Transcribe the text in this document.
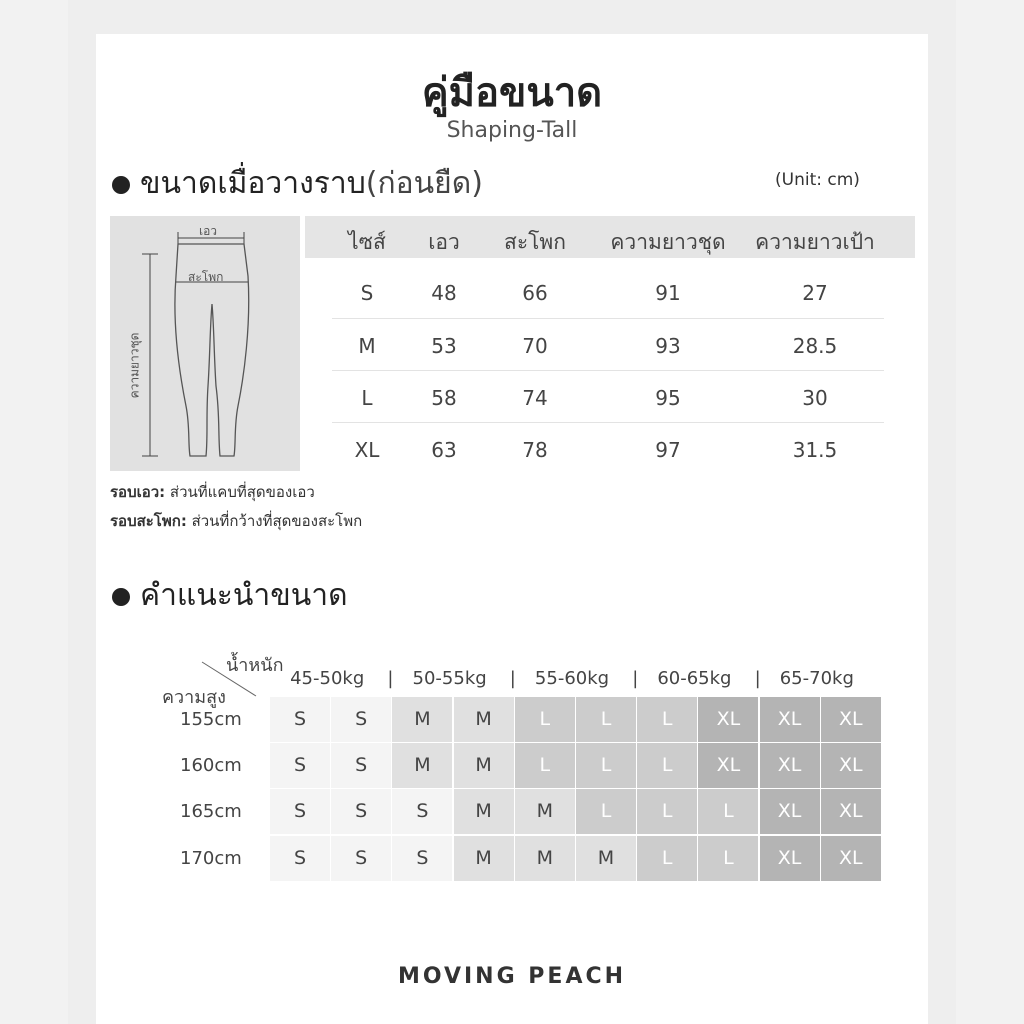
คู่มือขนาด
Shaping-Tall
ขนาดเมื่อวางราบ(ก่อนยืด)	(Unit: cm)
เอว
สะโพก
ความยาวชุด
ไซส์ เอว สะโพก ความยาวชุด ความยาวเป้า
S	48	66	91	27
M	53	70	93	28.5
L	58	74	95	30
XL	63	78	97	31.5
รอบเอว: ส่วนที่แคบที่สุดของเอว
รอบสะโพก: ส่วนที่กว้างที่สุดของสะโพก
คำแนะนำขนาด
น้ำหนัก
ความสูง
45-50kg | 50-55kg | 55-60kg | 60-65kg | 65-70kg
155cm	S	S	M	M	L	L	L	XL	XL	XL
160cm	S	S	M	M	L	L	L	XL	XL	XL
165cm	S	S	S	M	M	L	L	L	XL	XL
170cm	S	S	S	M	M	M	L	L	XL	XL
MOVING PEACH
